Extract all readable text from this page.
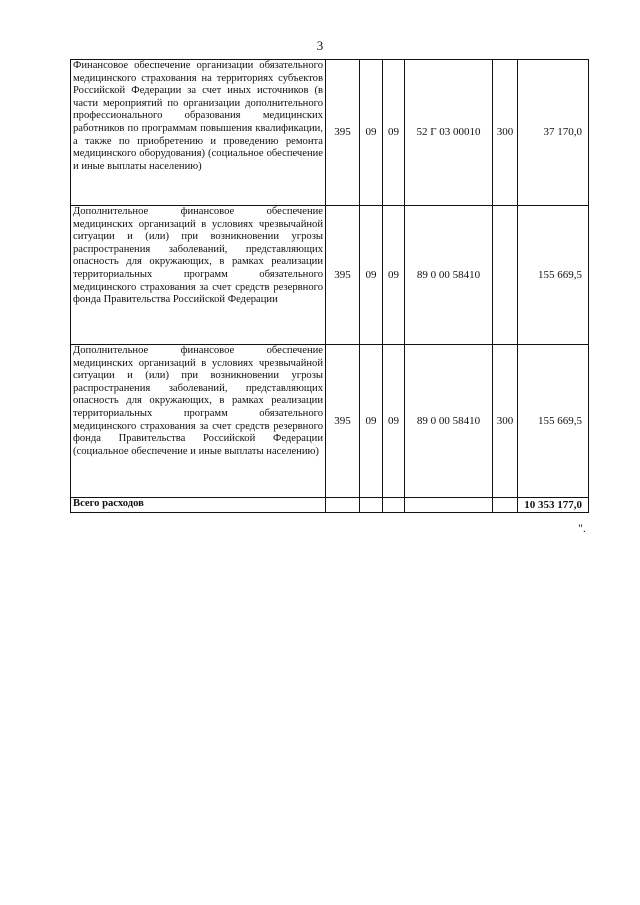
3
Финансовое обеспечение организации обязательного медицинского страхования на территориях субъектов Российской Федерации за счет иных источников (в части мероприятий по организации дополнительного профессионального образования медицинских работников по программам повышения квалификации, а также по приобретению и проведению ремонта медицинского оборудования) (социальное обеспечение и иные выплаты населению)	395	09	09	52 Г 03 00010	300	37 170,0
Дополнительное финансовое обеспечение медицинских организаций в условиях чрезвычайной ситуации и (или) при возникновении угрозы распространения заболеваний, представляющих опасность для окружающих, в рамках реализации территориальных программ обязательного медицинского страхования за счет средств резервного фонда Правительства Российской Федерации	395	09	09	89 0 00 58410		155 669,5
Дополнительное финансовое обеспечение медицинских организаций в условиях чрезвычайной ситуации и (или) при возникновении угрозы распространения заболеваний, представляющих опасность для окружающих, в рамках реализации территориальных программ обязательного медицинского страхования за счет средств резервного фонда Правительства Российской Федерации (социальное обеспечение и иные выплаты населению)	395	09	09	89 0 00 58410	300	155 669,5
Всего расходов						10 353 177,0
".
